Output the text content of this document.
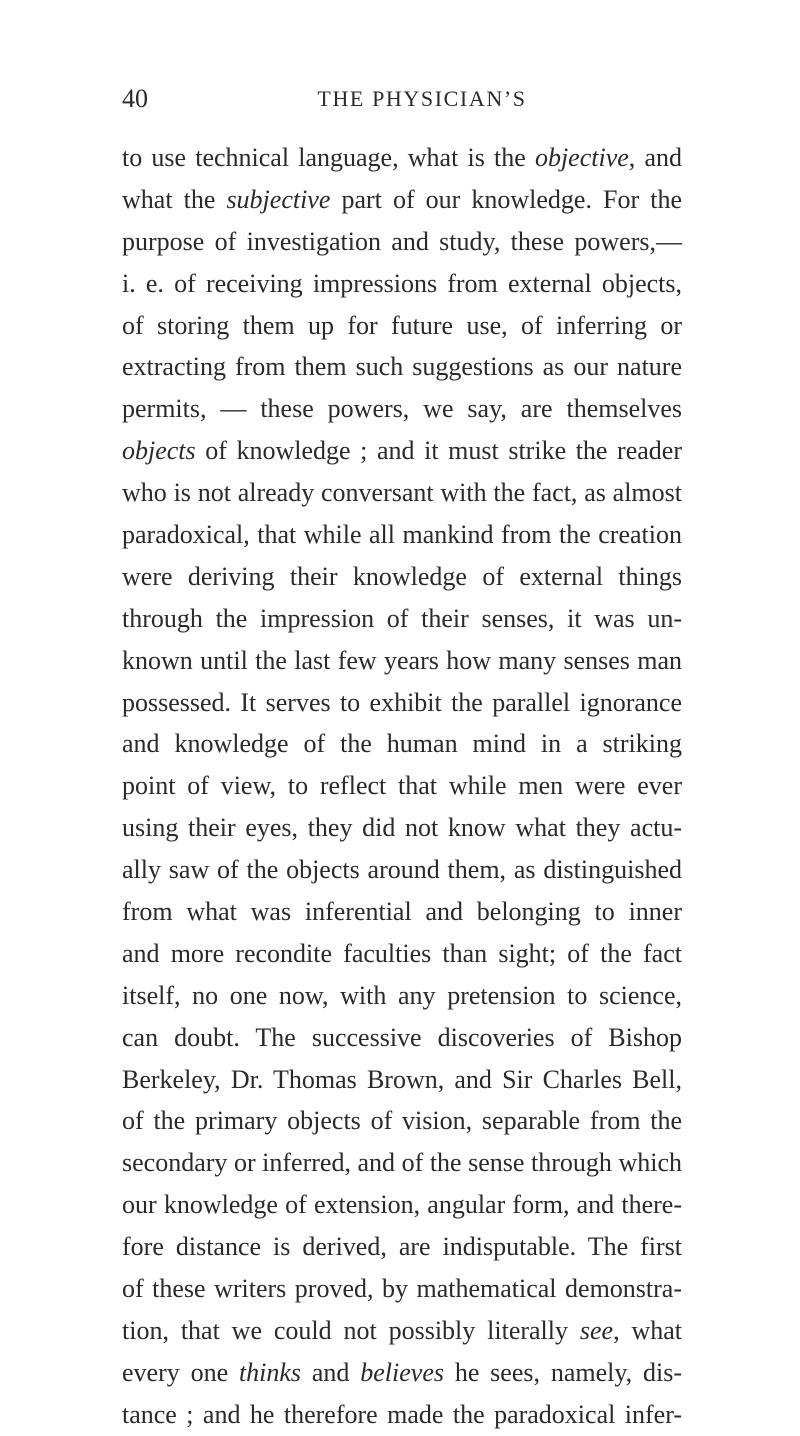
40	THE PHYSICIAN’S
to use technical language, what is the objective, and
what the subjective part of our knowledge. For the
purpose of investigation and study, these powers,—
i. e. of receiving impressions from external objects,
of storing them up for future use, of inferring or
extracting from them such suggestions as our nature
permits, — these powers, we say, are themselves
objects of knowledge ; and it must strike the reader
who is not already conversant with the fact, as almost
paradoxical, that while all mankind from the creation
were deriving their knowledge of external things
through the impression of their senses, it was un-
known until the last few years how many senses man
possessed. It serves to exhibit the parallel ignorance
and knowledge of the human mind in a striking
point of view, to reflect that while men were ever
using their eyes, they did not know what they actu-
ally saw of the objects around them, as distinguished
from what was inferential and belonging to inner
and more recondite faculties than sight; of the fact
itself, no one now, with any pretension to science,
can doubt. The successive discoveries of Bishop
Berkeley, Dr. Thomas Brown, and Sir Charles Bell,
of the primary objects of vision, separable from the
secondary or inferred, and of the sense through which
our knowledge of extension, angular form, and there-
fore distance is derived, are indisputable. The first
of these writers proved, by mathematical demonstra-
tion, that we could not possibly literally see, what
every one thinks and believes he sees, namely, dis-
tance ; and he therefore made the paradoxical infer-
